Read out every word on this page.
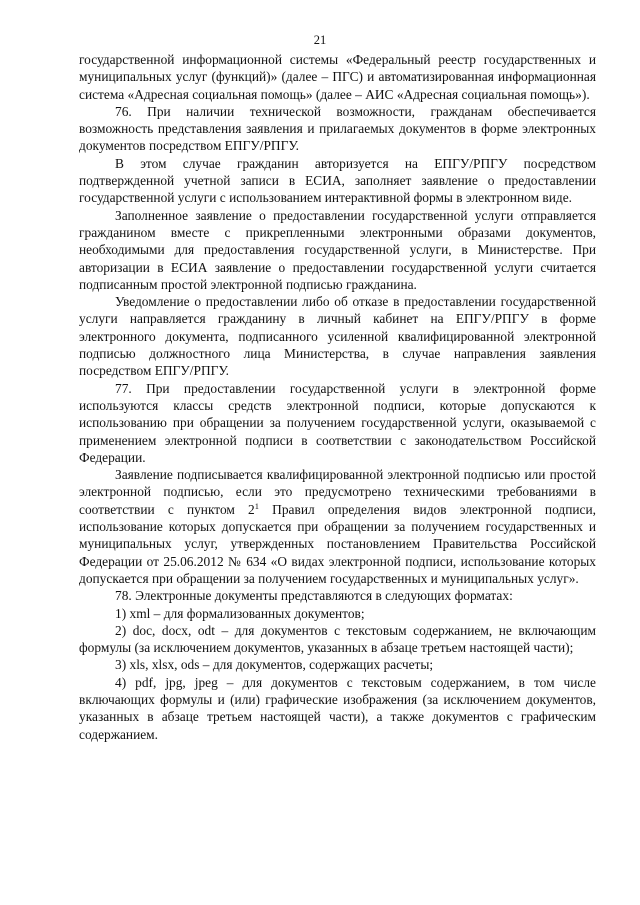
21

государственной информационной системы «Федеральный реестр государственных и муниципальных услуг (функций)» (далее – ПГС) и автоматизированная информационная система «Адресная социальная помощь» (далее – АИС «Адресная социальная помощь»).

76. При наличии технической возможности, гражданам обеспечивается возможность представления заявления и прилагаемых документов в форме электронных документов посредством ЕПГУ/РПГУ.

В этом случае гражданин авторизуется на ЕПГУ/РПГУ посредством подтвержденной учетной записи в ЕСИА, заполняет заявление о предоставлении государственной услуги с использованием интерактивной формы в электронном виде.

Заполненное заявление о предоставлении государственной услуги отправляется гражданином вместе с прикрепленными электронными образами документов, необходимыми для предоставления государственной услуги, в Министерстве. При авторизации в ЕСИА заявление о предоставлении государственной услуги считается подписанным простой электронной подписью гражданина.

Уведомление о предоставлении либо об отказе в предоставлении государственной услуги направляется гражданину в личный кабинет на ЕПГУ/РПГУ в форме электронного документа, подписанного усиленной квалифицированной электронной подписью должностного лица Министерства, в случае направления заявления посредством ЕПГУ/РПГУ.

77. При предоставлении государственной услуги в электронной форме используются классы средств электронной подписи, которые допускаются к использованию при обращении за получением государственной услуги, оказываемой с применением электронной подписи в соответствии с законодательством Российской Федерации.

Заявление подписывается квалифицированной электронной подписью или простой электронной подписью, если это предусмотрено техническими требованиями в соответствии с пунктом $2^1$ Правил определения видов электронной подписи, использование которых допускается при обращении за получением государственных и муниципальных услуг, утвержденных постановлением Правительства Российской Федерации от 25.06.2012 № 634 «О видах электронной подписи, использование которых допускается при обращении за получением государственных и муниципальных услуг».

78. Электронные документы представляются в следующих форматах:

1) xml – для формализованных документов;

2) doc, docx, odt – для документов с текстовым содержанием, не включающим формулы (за исключением документов, указанных в абзаце третьем настоящей части);

3) xls, xlsx, ods – для документов, содержащих расчеты;

4) pdf, jpg, jpeg – для документов с текстовым содержанием, в том числе включающих формулы и (или) графические изображения (за исключением документов, указанных в абзаце третьем настоящей части), а также документов с графическим содержанием.
